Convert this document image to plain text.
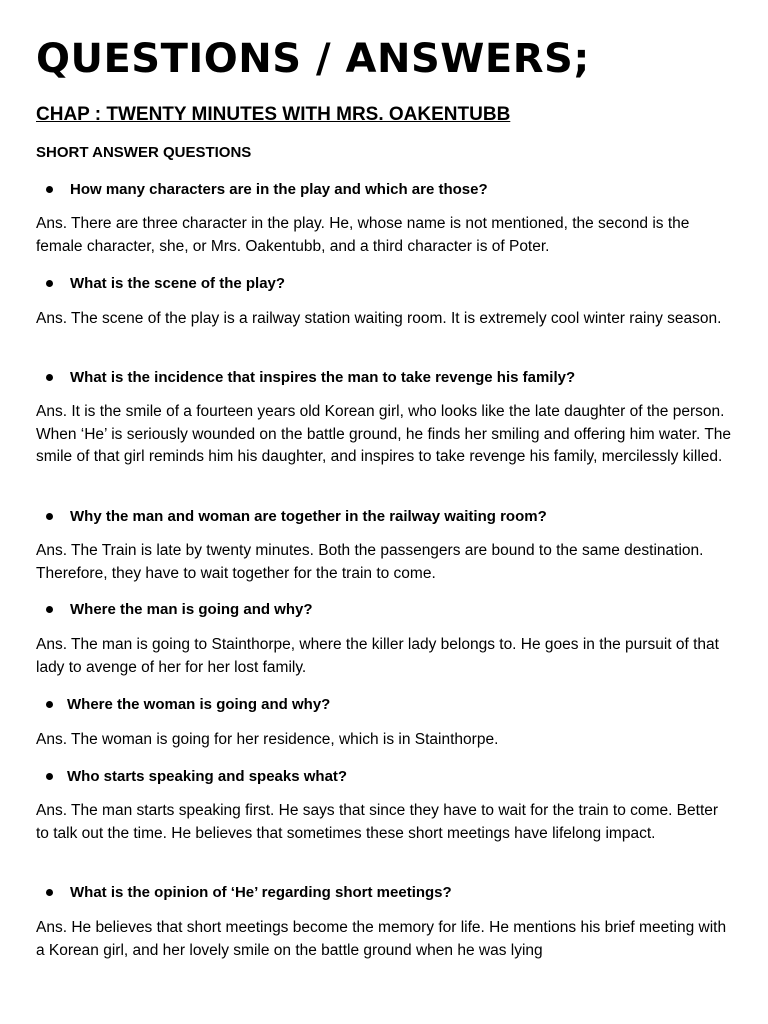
QUESTIONS / ANSWERS;
CHAP : TWENTY MINUTES WITH MRS. OAKENTUBB
SHORT ANSWER QUESTIONS
How many characters are in the play and which are those?

Ans. There are three character in the play. He, whose name is not mentioned, the second is the female character, she, or Mrs. Oakentubb, and a third character is of Poter.

What is the scene of the play?

Ans. The scene of the play is a railway station waiting room. It is extremely cool winter rainy season.

What is the incidence that inspires the man to take revenge his family?

Ans. It is the smile of a fourteen years old Korean girl, who looks like the late daughter of the person. When ‘He’ is seriously wounded on the battle ground, he finds her smiling and offering him water. The smile of that girl reminds him his daughter, and inspires to take revenge his family, mercilessly killed.

Why the man and woman are together in the railway waiting room?

Ans. The Train is late by twenty minutes. Both the passengers are bound to the same destination. Therefore, they have to wait together for the train to come.

Where the man is going and why?

Ans. The man is going to Stainthorpe, where the killer lady belongs to. He goes in the pursuit of that lady to avenge of her for her lost family.

Where the woman is going and why?

Ans. The woman is going for her residence, which is in Stainthorpe.

Who starts speaking and speaks what?

Ans. The man starts speaking first. He says that since they have to wait for the train to come. Better to talk out the time. He believes that sometimes these short meetings have lifelong impact.

What is the opinion of ‘He’ regarding short meetings?

Ans. He believes that short meetings become the memory for life. He mentions his brief meeting with a Korean girl, and her lovely smile on the battle ground when he was lying
